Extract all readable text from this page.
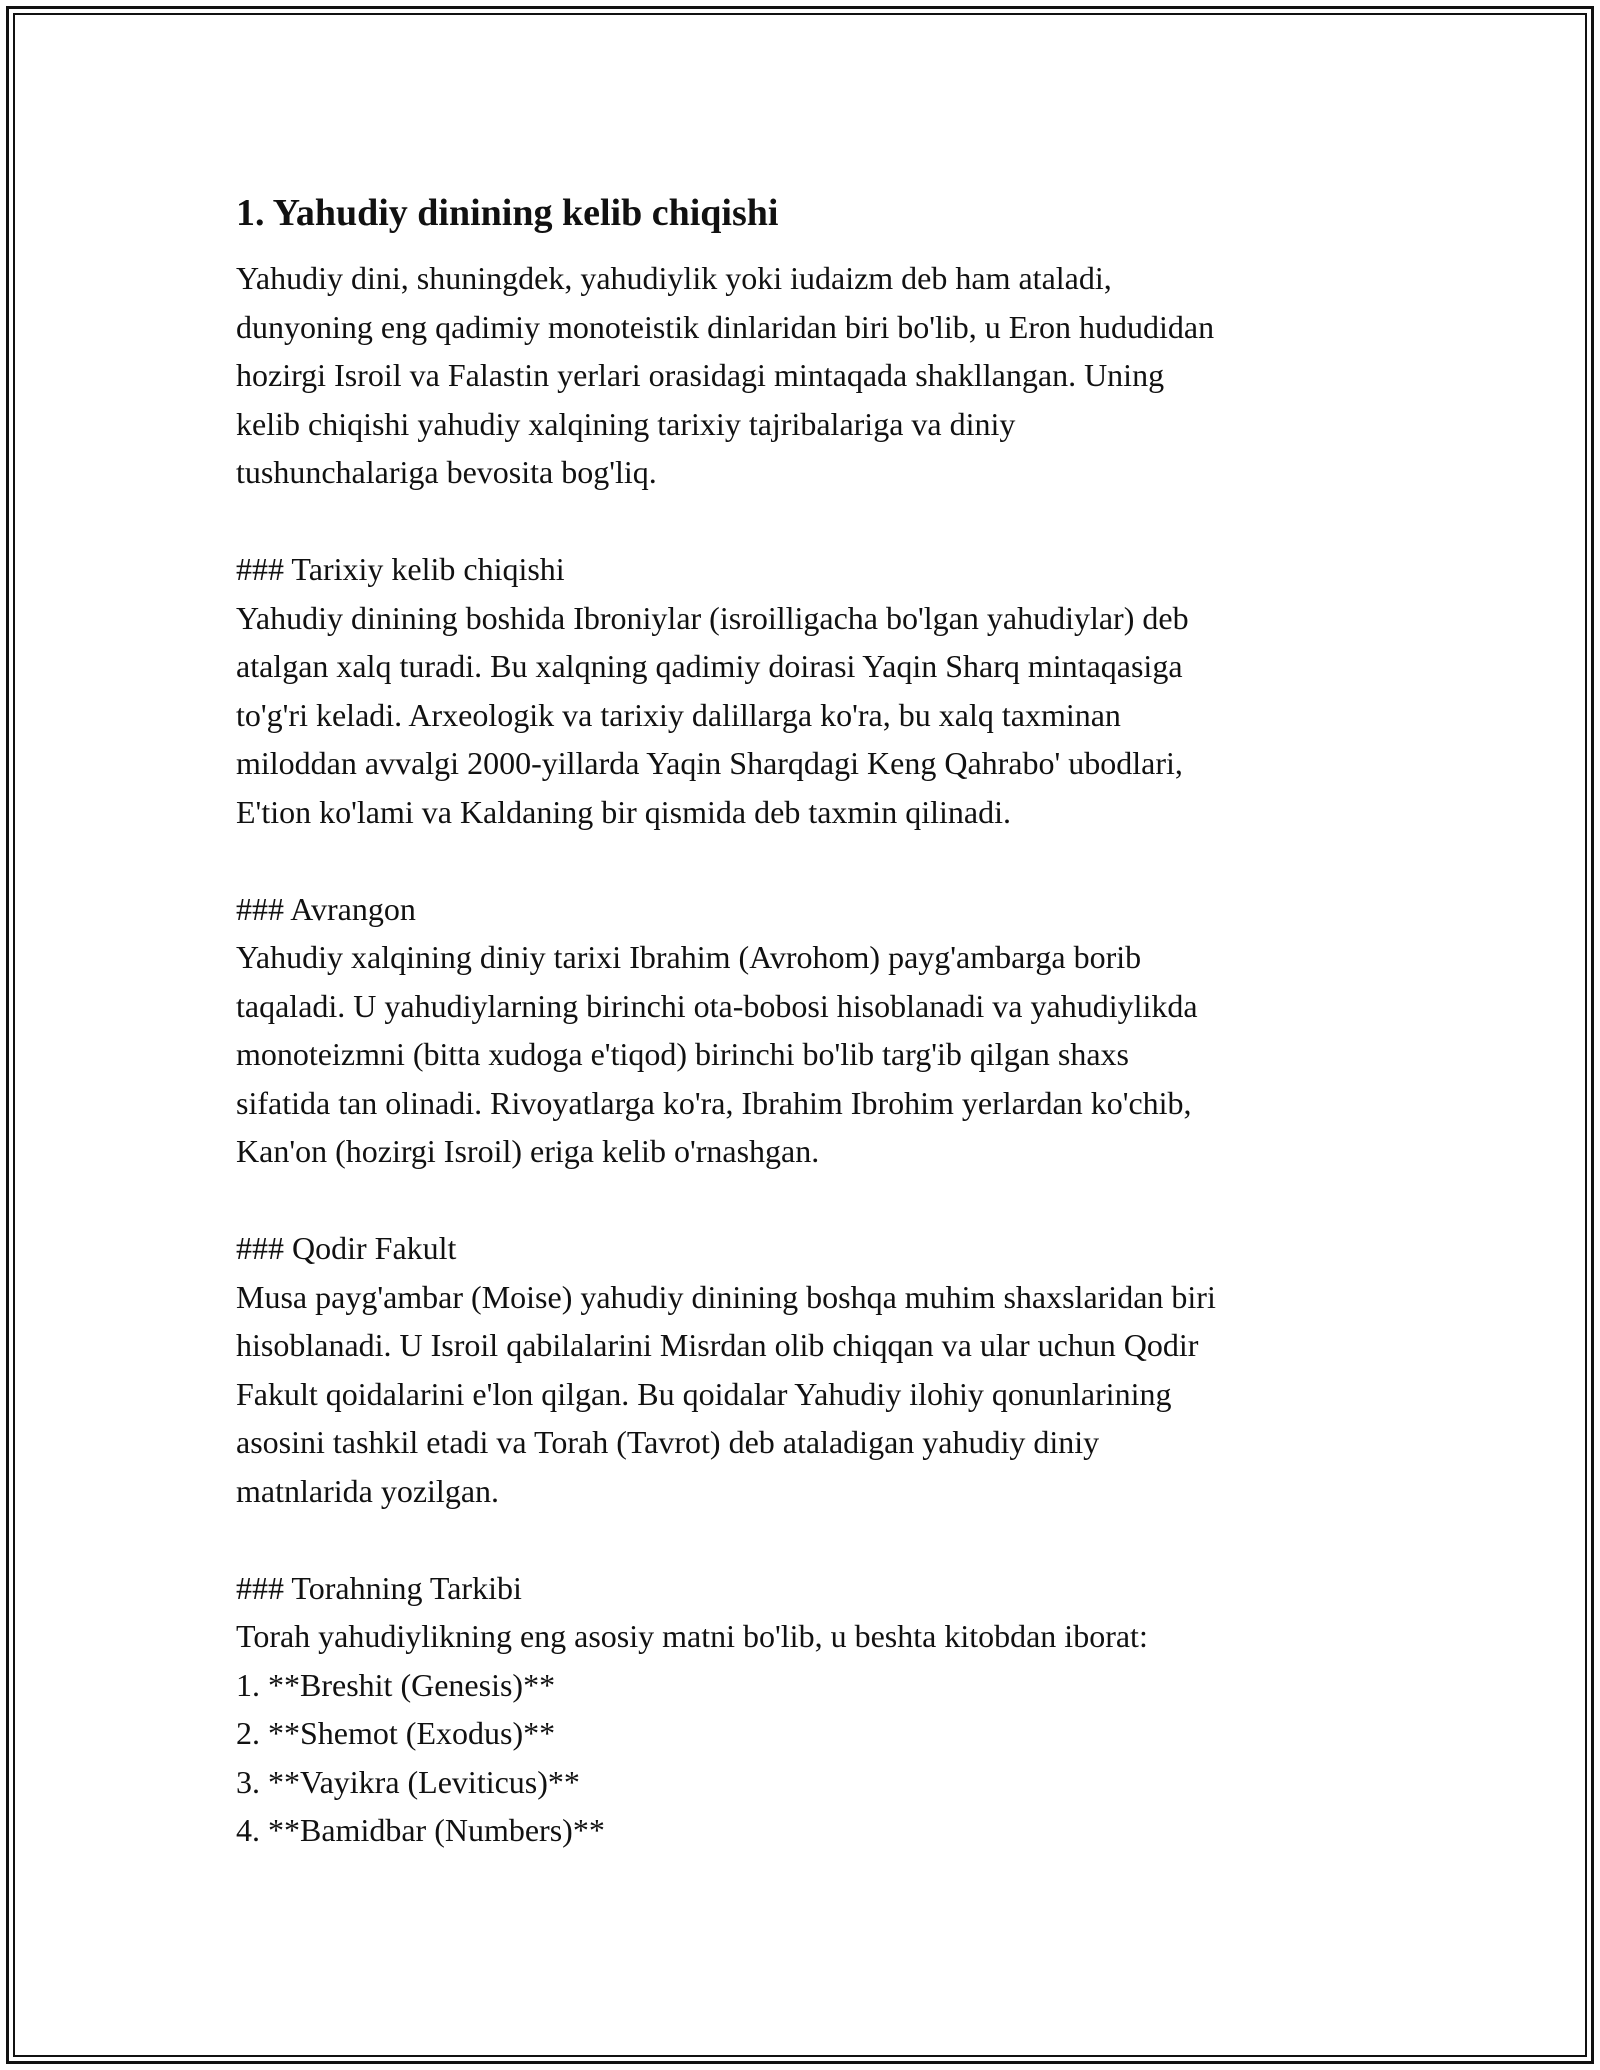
1. Yahudiy dinining kelib chiqishi

Yahudiy dini, shuningdek, yahudiylik yoki iudaizm deb ham ataladi,
dunyoning eng qadimiy monoteistik dinlaridan biri bo'lib, u Eron hududidan
hozirgi Isroil va Falastin yerlari orasidagi mintaqada shakllangan. Uning
kelib chiqishi yahudiy xalqining tarixiy tajribalariga va diniy
tushunchalariga bevosita bog'liq.

### Tarixiy kelib chiqishi

Yahudiy dinining boshida Ibroniylar (isroilligacha bo'lgan yahudiylar) deb
atalgan xalq turadi. Bu xalqning qadimiy doirasi Yaqin Sharq mintaqasiga
to'g'ri keladi. Arxeologik va tarixiy dalillarga ko'ra, bu xalq taxminan
miloddan avvalgi 2000-yillarda Yaqin Sharqdagi Keng Qahrabo' ubodlari,
E'tion ko'lami va Kaldaning bir qismida deb taxmin qilinadi.

### Avrangon

Yahudiy xalqining diniy tarixi Ibrahim (Avrohom) payg'ambarga borib
taqaladi. U yahudiylarning birinchi ota-bobosi hisoblanadi va yahudiylikda
monoteizmni (bitta xudoga e'tiqod) birinchi bo'lib targ'ib qilgan shaxs
sifatida tan olinadi. Rivoyatlarga ko'ra, Ibrahim Ibrohim yerlardan ko'chib,
Kan'on (hozirgi Isroil) eriga kelib o'rnashgan.

### Qodir Fakult

Musa payg'ambar (Moise) yahudiy dinining boshqa muhim shaxslaridan biri
hisoblanadi. U Isroil qabilalarini Misrdan olib chiqqan va ular uchun Qodir
Fakult qoidalarini e'lon qilgan. Bu qoidalar Yahudiy ilohiy qonunlarining
asosini tashkil etadi va Torah (Tavrot) deb ataladigan yahudiy diniy
matnlarida yozilgan.

### Torahning Tarkibi

Torah yahudiylikning eng asosiy matni bo'lib, u beshta kitobdan iborat:

1. **Breshit (Genesis)**

2. **Shemot (Exodus)**

3. **Vayikra (Leviticus)**

4. **Bamidbar (Numbers)**
